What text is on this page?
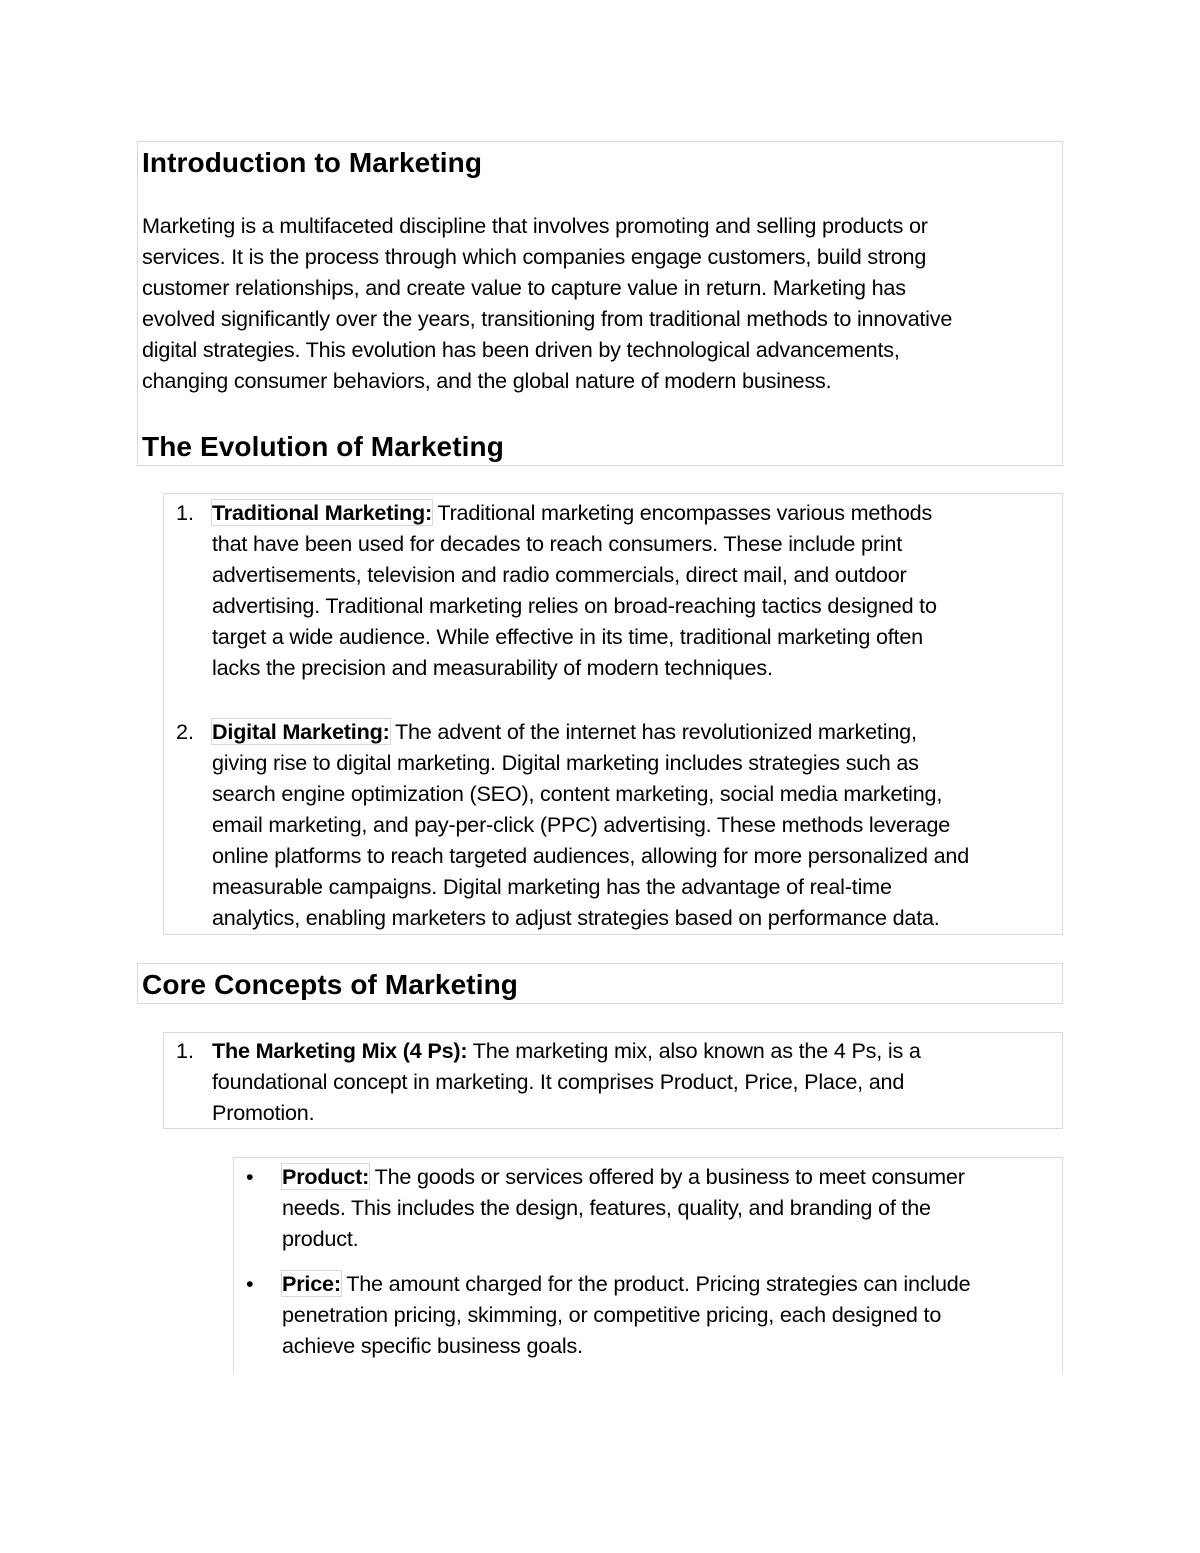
Introduction to Marketing

Marketing is a multifaceted discipline that involves promoting and selling products or
services. It is the process through which companies engage customers, build strong
customer relationships, and create value to capture value in return. Marketing has
evolved significantly over the years, transitioning from traditional methods to innovative
digital strategies. This evolution has been driven by technological advancements,
changing consumer behaviors, and the global nature of modern business.

The Evolution of Marketing
1. Traditional Marketing: Traditional marketing encompasses various methods
that have been used for decades to reach consumers. These include print
advertisements, television and radio commercials, direct mail, and outdoor
advertising. Traditional marketing relies on broad-reaching tactics designed to
target a wide audience. While effective in its time, traditional marketing often
lacks the precision and measurability of modern techniques.

2. Digital Marketing: The advent of the internet has revolutionized marketing,
giving rise to digital marketing. Digital marketing includes strategies such as
search engine optimization (SEO), content marketing, social media marketing,
email marketing, and pay-per-click (PPC) advertising. These methods leverage
online platforms to reach targeted audiences, allowing for more personalized and
measurable campaigns. Digital marketing has the advantage of real-time
analytics, enabling marketers to adjust strategies based on performance data.

Core Concepts of Marketing
1. The Marketing Mix (4 Ps): The marketing mix, also known as the 4 Ps, is a
foundational concept in marketing. It comprises Product, Price, Place, and
Promotion.

• Product: The goods or services offered by a business to meet consumer
needs. This includes the design, features, quality, and branding of the
product.

• Price: The amount charged for the product. Pricing strategies can include
penetration pricing, skimming, or competitive pricing, each designed to
achieve specific business goals.
